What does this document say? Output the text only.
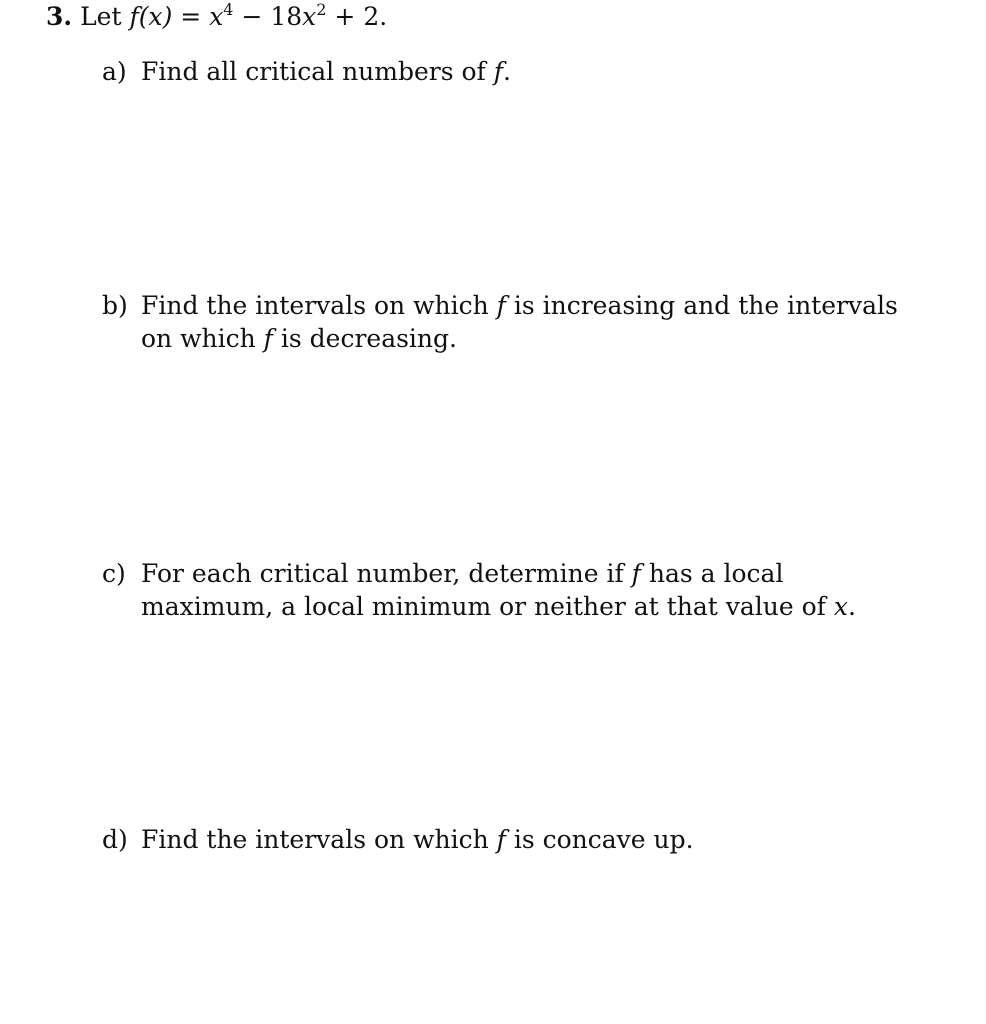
3. Let $f(x) = x^4 - 18x^2 + 2$.
a) Find all critical numbers of f.
b) Find the intervals on which f is increasing and the intervals on which f is decreasing.
c) For each critical number, determine if f has a local maximum, a local minimum or neither at that value of x.
d) Find the intervals on which f is concave up.
